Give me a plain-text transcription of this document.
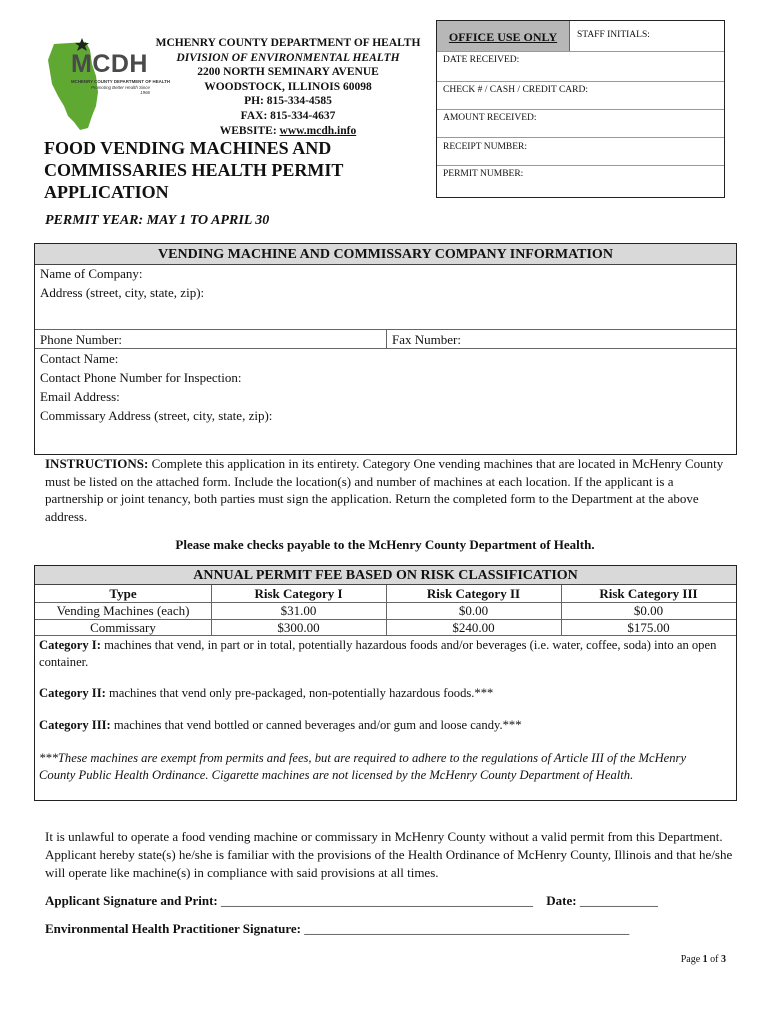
MCDH
MCHENRY COUNTY DEPARTMENT OF HEALTH
Promoting Better Health Since 1966
MCHENRY COUNTY DEPARTMENT OF HEALTH
DIVISION OF ENVIRONMENTAL HEALTH
2200 NORTH SEMINARY AVENUE
WOODSTOCK, ILLINOIS 60098
PH: 815-334-4585
FAX: 815-334-4637
WEBSITE: www.mcdh.info
OFFICE USE ONLY	STAFF INITIALS:
DATE RECEIVED:
CHECK # / CASH / CREDIT CARD:
AMOUNT RECEIVED:
RECEIPT NUMBER:
PERMIT NUMBER:
FOOD VENDING MACHINES AND COMMISSARIES HEALTH PERMIT APPLICATION
PERMIT YEAR: MAY 1 TO APRIL 30
VENDING MACHINE AND COMMISSARY COMPANY INFORMATION
Name of Company:
Address (street, city, state, zip):
Phone Number:	Fax Number:
Contact Name:
Contact Phone Number for Inspection:
Email Address:
Commissary Address (street, city, state, zip):
INSTRUCTIONS: Complete this application in its entirety. Category One vending machines that are located in McHenry County must be listed on the attached form. Include the location(s) and number of machines at each location. If the applicant is a partnership or joint tenancy, both parties must sign the application. Return the completed form to the Department at the above address.
Please make checks payable to the McHenry County Department of Health.
ANNUAL PERMIT FEE BASED ON RISK CLASSIFICATION
Type	Risk Category I	Risk Category II	Risk Category III
Vending Machines (each)	$31.00	$0.00	$0.00
Commissary	$300.00	$240.00	$175.00
Category I: machines that vend, in part or in total, potentially hazardous foods and/or beverages (i.e. water, coffee, soda) into an open container.
Category II: machines that vend only pre-packaged, non-potentially hazardous foods.***
Category III: machines that vend bottled or canned beverages and/or gum and loose candy.***
***These machines are exempt from permits and fees, but are required to adhere to the regulations of Article III of the McHenry County Public Health Ordinance. Cigarette machines are not licensed by the McHenry County Department of Health.
It is unlawful to operate a food vending machine or commissary in McHenry County without a valid permit from this Department. Applicant hereby state(s) he/she is familiar with the provisions of the Health Ordinance of McHenry County, Illinois and that he/she will operate like machine(s) in compliance with said provisions at all times.
Applicant Signature and Print: ________________________________________________ Date: ____________
Environmental Health Practitioner Signature: __________________________________________________
Page 1 of 3
